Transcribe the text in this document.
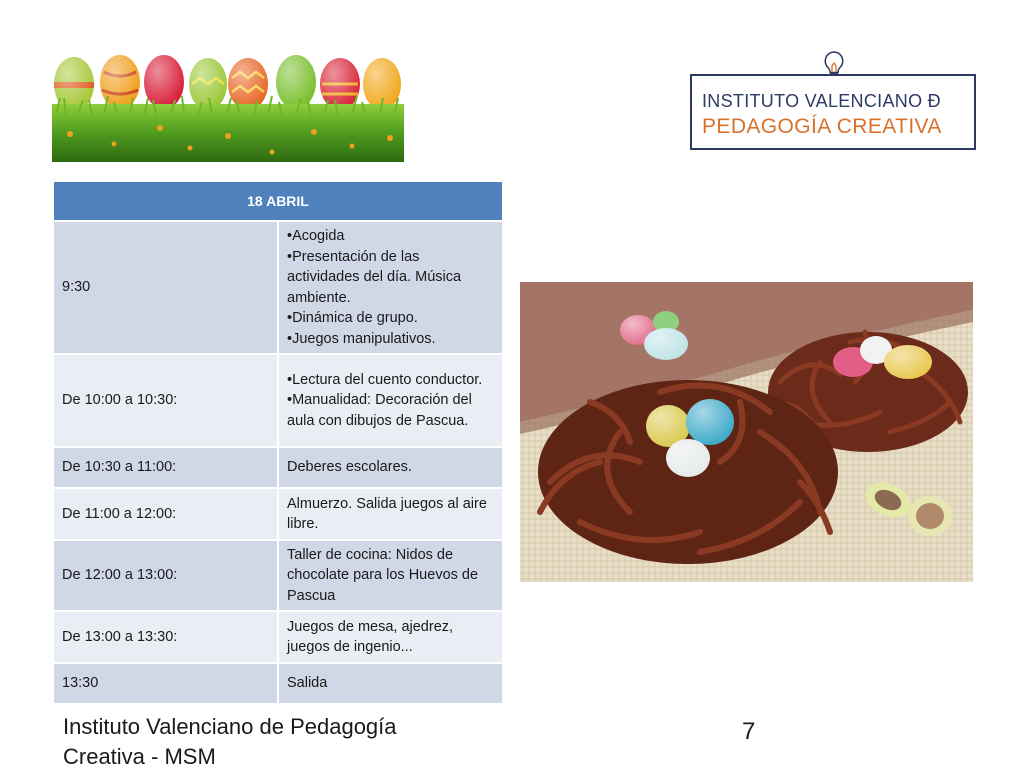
INSTITUTO VALENCIANO Ð
PEDAGOGÍA CREATIVA
18 ABRIL	
9:30	•Acogida
•Presentación de las actividades del día. Música ambiente.
•Dinámica de grupo.
•Juegos manipulativos.

De 10:00 a 10:30:	•Lectura del cuento conductor.
•Manualidad: Decoración del aula con dibujos de Pascua.

De 10:30 a 11:00:	Deberes escolares.

De 11:00 a 12:00:	Almuerzo. Salida juegos al aire libre.

De 12:00 a 13:00:	Taller de cocina: Nidos de chocolate para los Huevos de Pascua

De 13:00 a 13:30:	Juegos de mesa, ajedrez, juegos de ingenio...

13:30	Salida
Instituto Valenciano de Pedagogía Creativa - MSM
7
